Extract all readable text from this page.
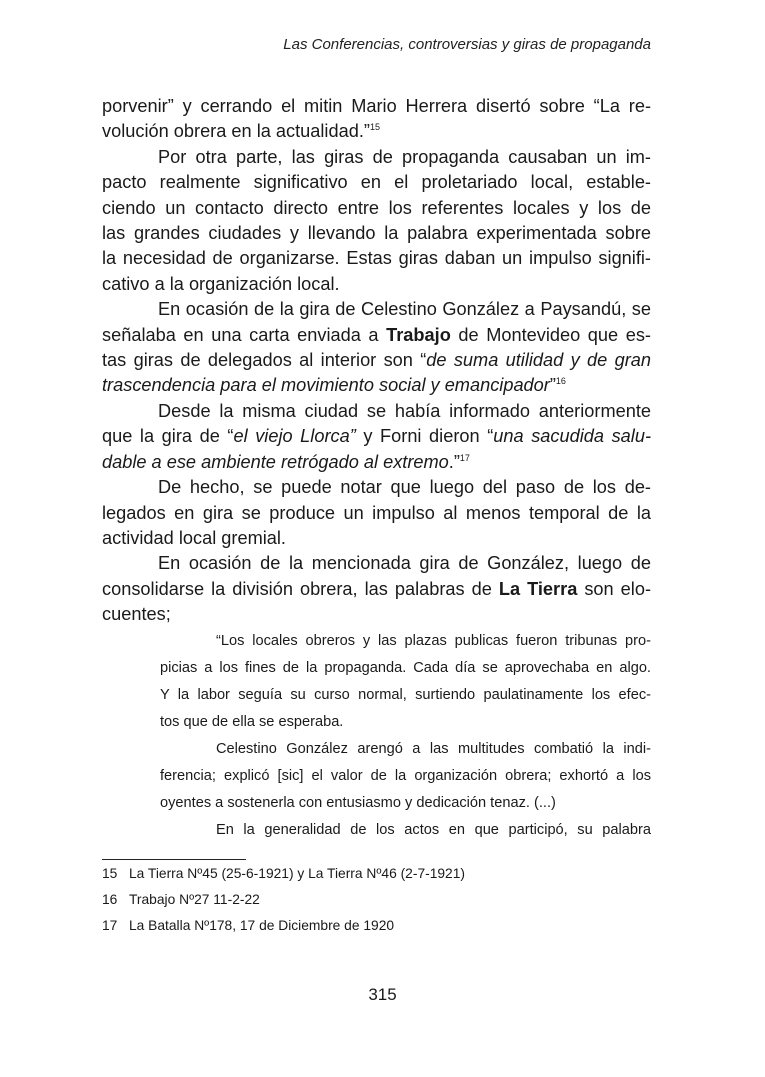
Las Conferencias, controversias y giras de propaganda
porvenir” y cerrando el mitin Mario Herrera disertó sobre “La re-
volución obrera en la actualidad.”$^{15}$
Por otra parte, las giras de propaganda causaban un im-
pacto realmente significativo en el proletariado local, estable-
ciendo un contacto directo entre los referentes locales y los de
las grandes ciudades y llevando la palabra experimentada sobre
la necesidad de organizarse. Estas giras daban un impulso signifi-
cativo a la organización local.
En ocasión de la gira de Celestino González a Paysandú, se
señalaba en una carta enviada a Trabajo de Montevideo que es-
tas giras de delegados al interior son “de suma utilidad y de gran
trascendencia para el movimiento social y emancipador”$^{16}$
Desde la misma ciudad se había informado anteriormente
que la gira de “el viejo Llorca” y Forni dieron “una sacudida salu-
dable a ese ambiente retrógado al extremo.”$^{17}$
De hecho, se puede notar que luego del paso de los de-
legados en gira se produce un impulso al menos temporal de la
actividad local gremial.
En ocasión de la mencionada gira de González, luego de
consolidarse la división obrera, las palabras de La Tierra son elo-
cuentes;
“Los locales obreros y las plazas publicas fueron tribunas pro-
picias a los fines de la propaganda. Cada día se aprovechaba en algo.
Y la labor seguía su curso normal, surtiendo paulatinamente los efec-
tos que de ella se esperaba.
Celestino González arengó a las multitudes combatió la indi-
ferencia; explicó [sic] el valor de la organización obrera; exhortó a los
oyentes a sostenerla con entusiasmo y dedicación tenaz. (...)
En la generalidad de los actos en que participó, su palabra
15 La Tierra Nº45 (25-6-1921) y La Tierra Nº46 (2-7-1921)
16 Trabajo Nº27 11-2-22
17 La Batalla Nº178, 17 de Diciembre de 1920
315
